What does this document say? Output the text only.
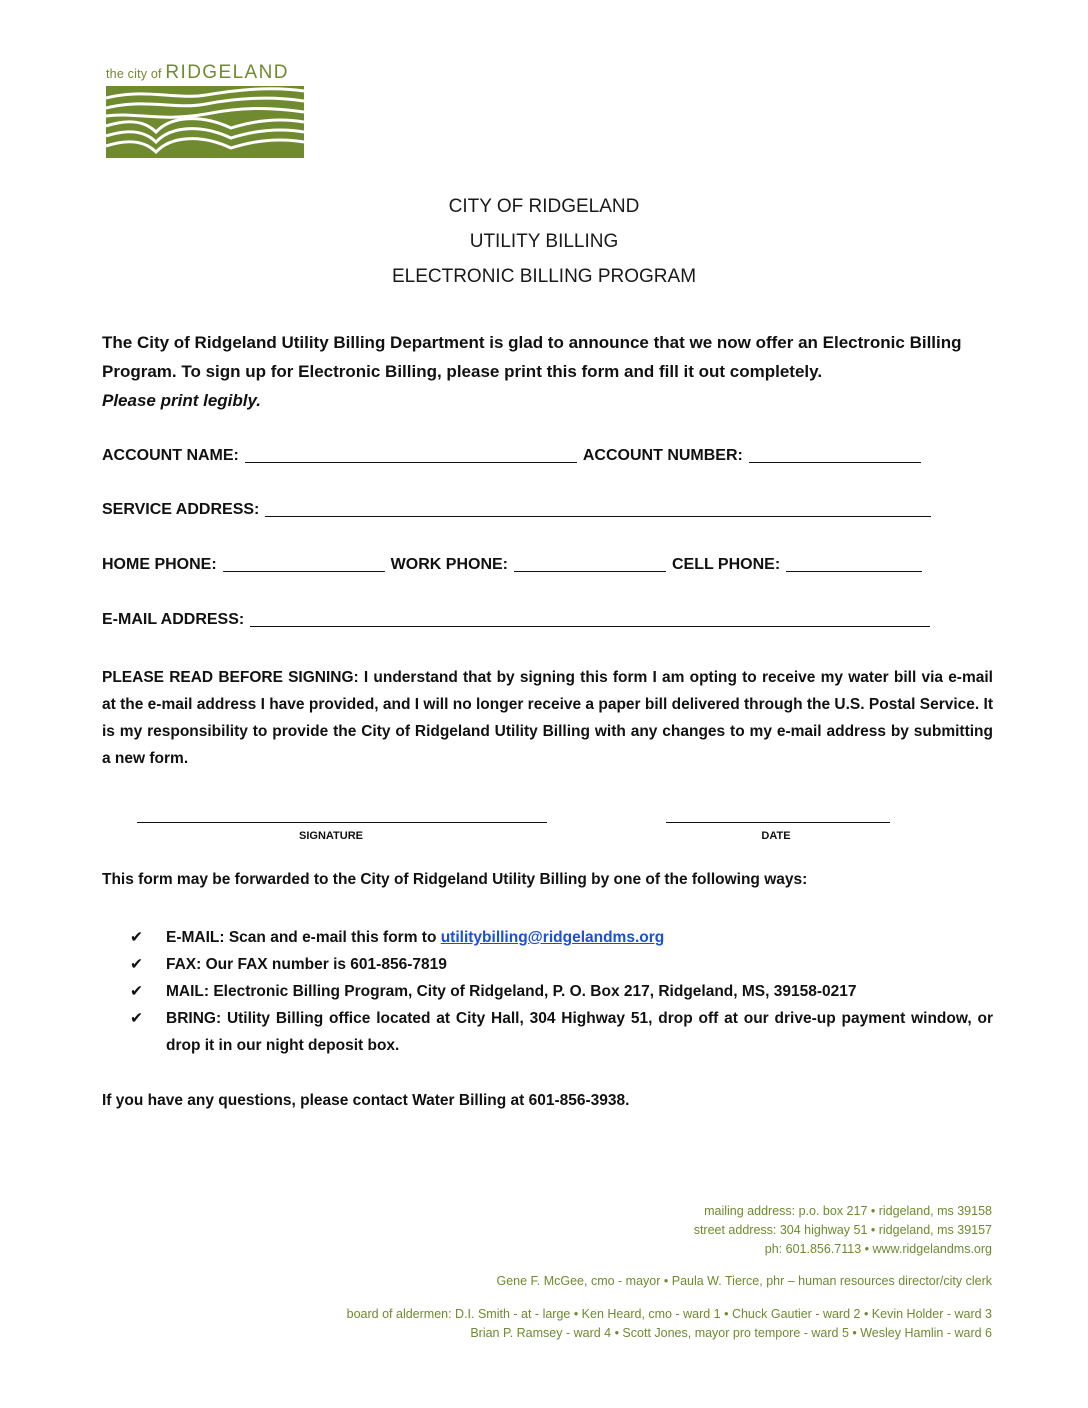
the city of RIDGELAND
CITY OF RIDGELAND
UTILITY BILLING
ELECTRONIC BILLING PROGRAM
The City of Ridgeland Utility Billing Department is glad to announce that we now offer an Electronic Billing Program. To sign up for Electronic Billing, please print this form and fill it out completely.
Please print legibly.
ACCOUNT NAME:	ACCOUNT NUMBER:
SERVICE ADDRESS:
HOME PHONE:	WORK PHONE:	CELL PHONE:
E-MAIL ADDRESS:
PLEASE READ BEFORE SIGNING: I understand that by signing this form I am opting to receive my water bill via e-mail at the e-mail address I have provided, and I will no longer receive a paper bill delivered through the U.S. Postal Service. It is my responsibility to provide the City of Ridgeland Utility Billing with any changes to my e-mail address by submitting a new form.
SIGNATURE	DATE
This form may be forwarded to the City of Ridgeland Utility Billing by one of the following ways:
✔	E-MAIL: Scan and e-mail this form to utilitybilling@ridgelandms.org
✔	FAX: Our FAX number is 601-856-7819
✔	MAIL: Electronic Billing Program, City of Ridgeland, P. O. Box 217, Ridgeland, MS, 39158-0217
✔	BRING: Utility Billing office located at City Hall, 304 Highway 51, drop off at our drive-up payment window, or drop it in our night deposit box.
If you have any questions, please contact Water Billing at 601-856-3938.
mailing address: p.o. box 217 • ridgeland, ms 39158
street address: 304 highway 51 • ridgeland, ms 39157
ph: 601.856.7113 • www.ridgelandms.org
Gene F. McGee, cmo - mayor • Paula W. Tierce, phr – human resources director/city clerk
board of aldermen: D.I. Smith - at - large • Ken Heard, cmo - ward 1 • Chuck Gautier - ward 2 • Kevin Holder - ward 3
Brian P. Ramsey - ward 4 • Scott Jones, mayor pro tempore - ward 5 • Wesley Hamlin - ward 6
